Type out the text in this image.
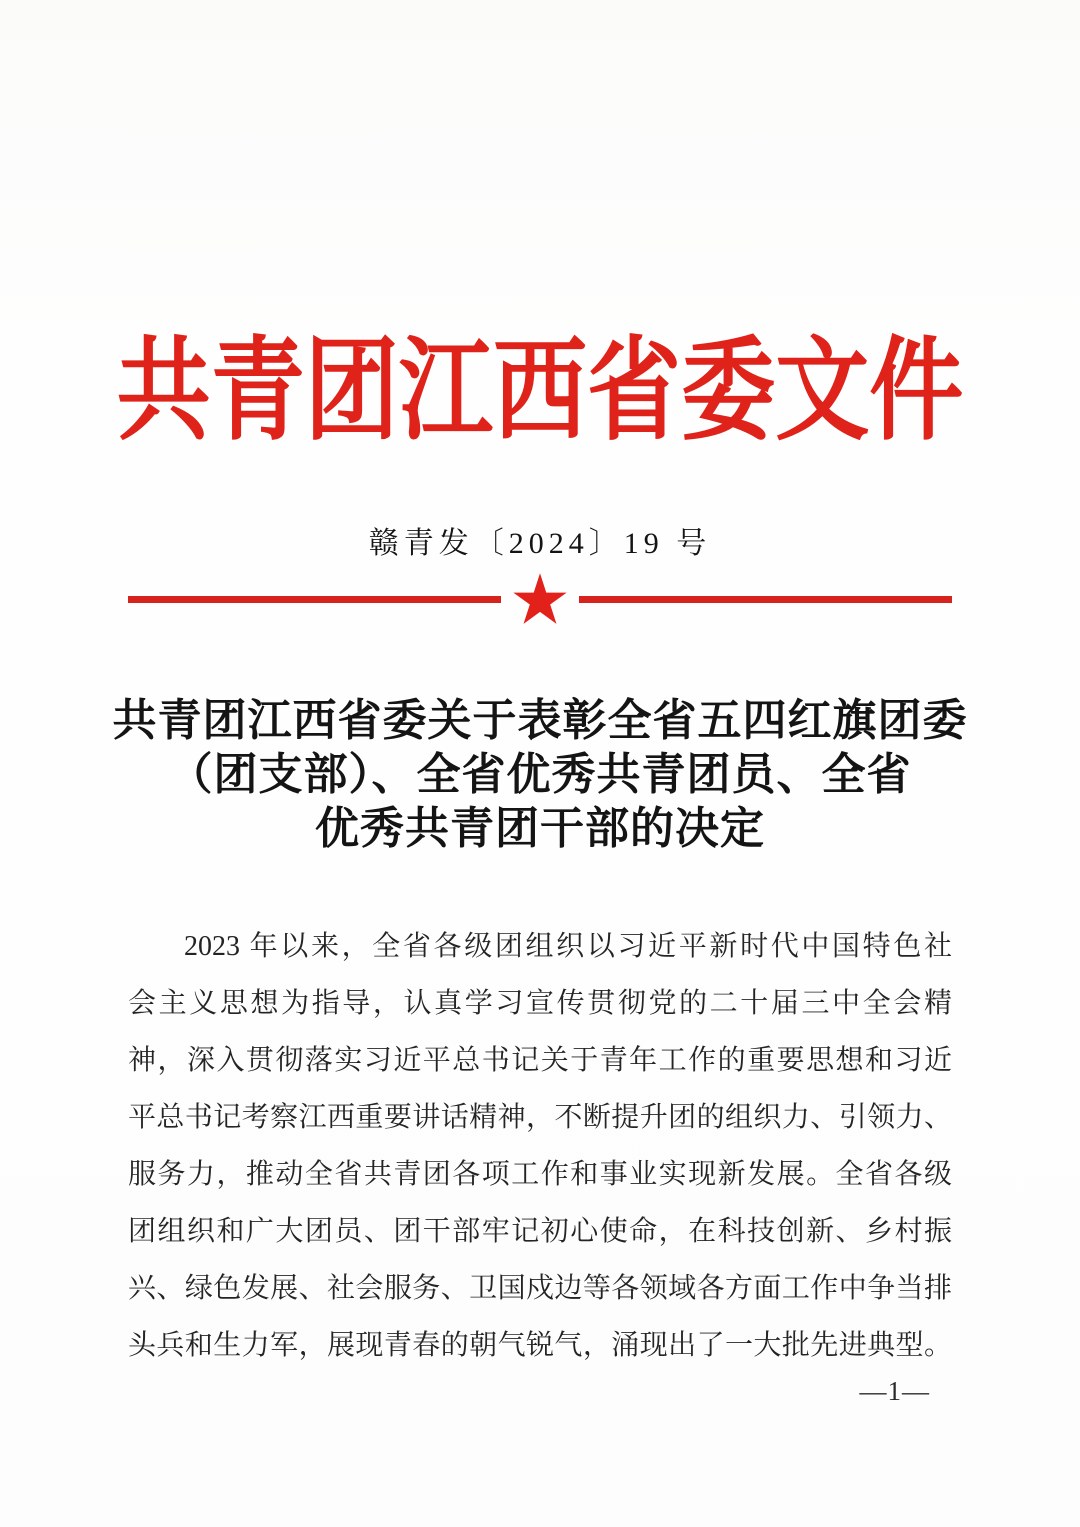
共青团江西省委文件
赣青发〔2024〕19 号
共青团江西省委关于表彰全省五四红旗团委
（团支部）、全省优秀共青团员、全省
优秀共青团干部的决定
2023 年以来，全省各级团组织以习近平新时代中国特色社
会主义思想为指导，认真学习宣传贯彻党的二十届三中全会精
神，深入贯彻落实习近平总书记关于青年工作的重要思想和习近
平总书记考察江西重要讲话精神，不断提升团的组织力、引领力、
服务力，推动全省共青团各项工作和事业实现新发展。全省各级
团组织和广大团员、团干部牢记初心使命，在科技创新、乡村振
兴、绿色发展、社会服务、卫国戍边等各领域各方面工作中争当排
头兵和生力军，展现青春的朝气锐气，涌现出了一大批先进典型。
—1—
